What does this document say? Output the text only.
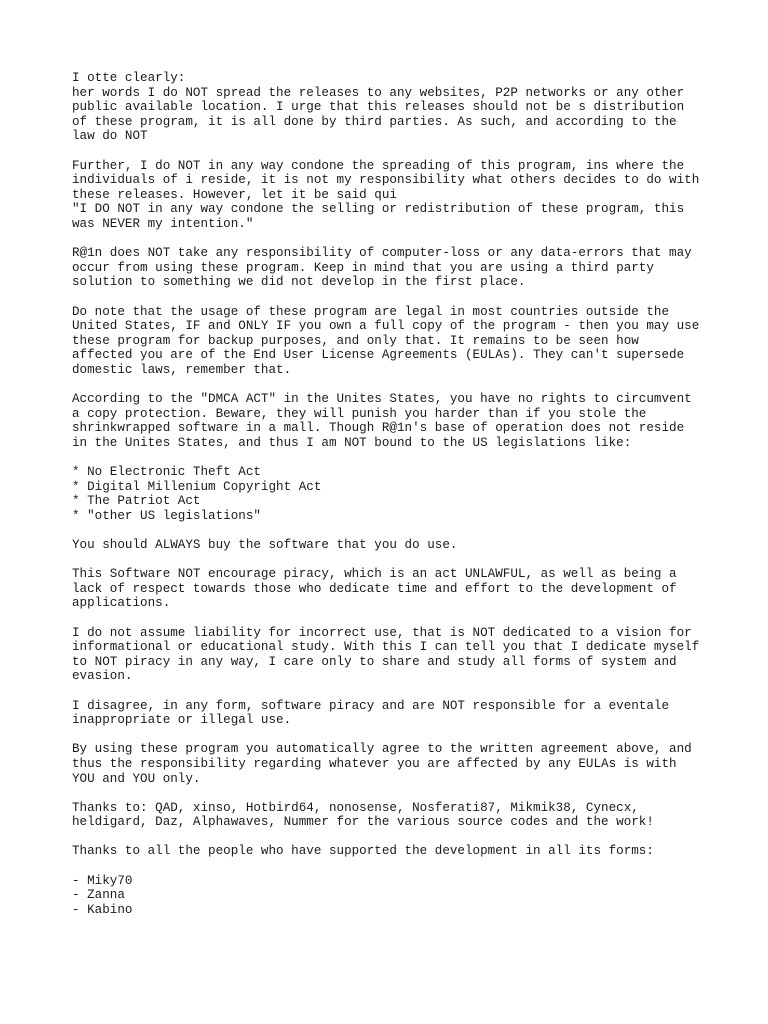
I otte clearly:
her words I do NOT spread the releases to any websites, P2P networks or any other
public available location. I urge that this releases should not be s distribution
of these program, it is all done by third parties. As such, and according to the
law do NOT
Further, I do NOT in any way condone the spreading of this program, ins where the
individuals of i reside, it is not my responsibility what others decides to do with
these releases. However, let it be said qui
"I DO NOT in any way condone the selling or redistribution of these program, this
was NEVER my intention."
R@1n does NOT take any responsibility of computer-loss or any data-errors that may
occur from using these program. Keep in mind that you are using a third party
solution to something we did not develop in the first place.
Do note that the usage of these program are legal in most countries outside the
United States, IF and ONLY IF you own a full copy of the program - then you may use
these program for backup purposes, and only that. It remains to be seen how
affected you are of the End User License Agreements (EULAs). They can't supersede
domestic laws, remember that.
According to the "DMCA ACT" in the Unites States, you have no rights to circumvent
a copy protection. Beware, they will punish you harder than if you stole the
shrinkwrapped software in a mall. Though R@1n's base of operation does not reside
in the Unites States, and thus I am NOT bound to the US legislations like:
* No Electronic Theft Act
* Digital Millenium Copyright Act
* The Patriot Act
* "other US legislations"
You should ALWAYS buy the software that you do use.
This Software NOT encourage piracy, which is an act UNLAWFUL, as well as being a
lack of respect towards those who dedicate time and effort to the development of
applications.
I do not assume liability for incorrect use, that is NOT dedicated to a vision for
informational or educational study. With this I can tell you that I dedicate myself
to NOT piracy in any way, I care only to share and study all forms of system and
evasion.
I disagree, in any form, software piracy and are NOT responsible for a eventale
inappropriate or illegal use.
By using these program you automatically agree to the written agreement above, and
thus the responsibility regarding whatever you are affected by any EULAs is with
YOU and YOU only.
Thanks to: QAD, xinso, Hotbird64, nonosense, Nosferati87, Mikmik38, Cynecx,
heldigard, Daz, Alphawaves, Nummer for the various source codes and the work!
Thanks to all the people who have supported the development in all its forms:
- Miky70
- Zanna
- Kabino
